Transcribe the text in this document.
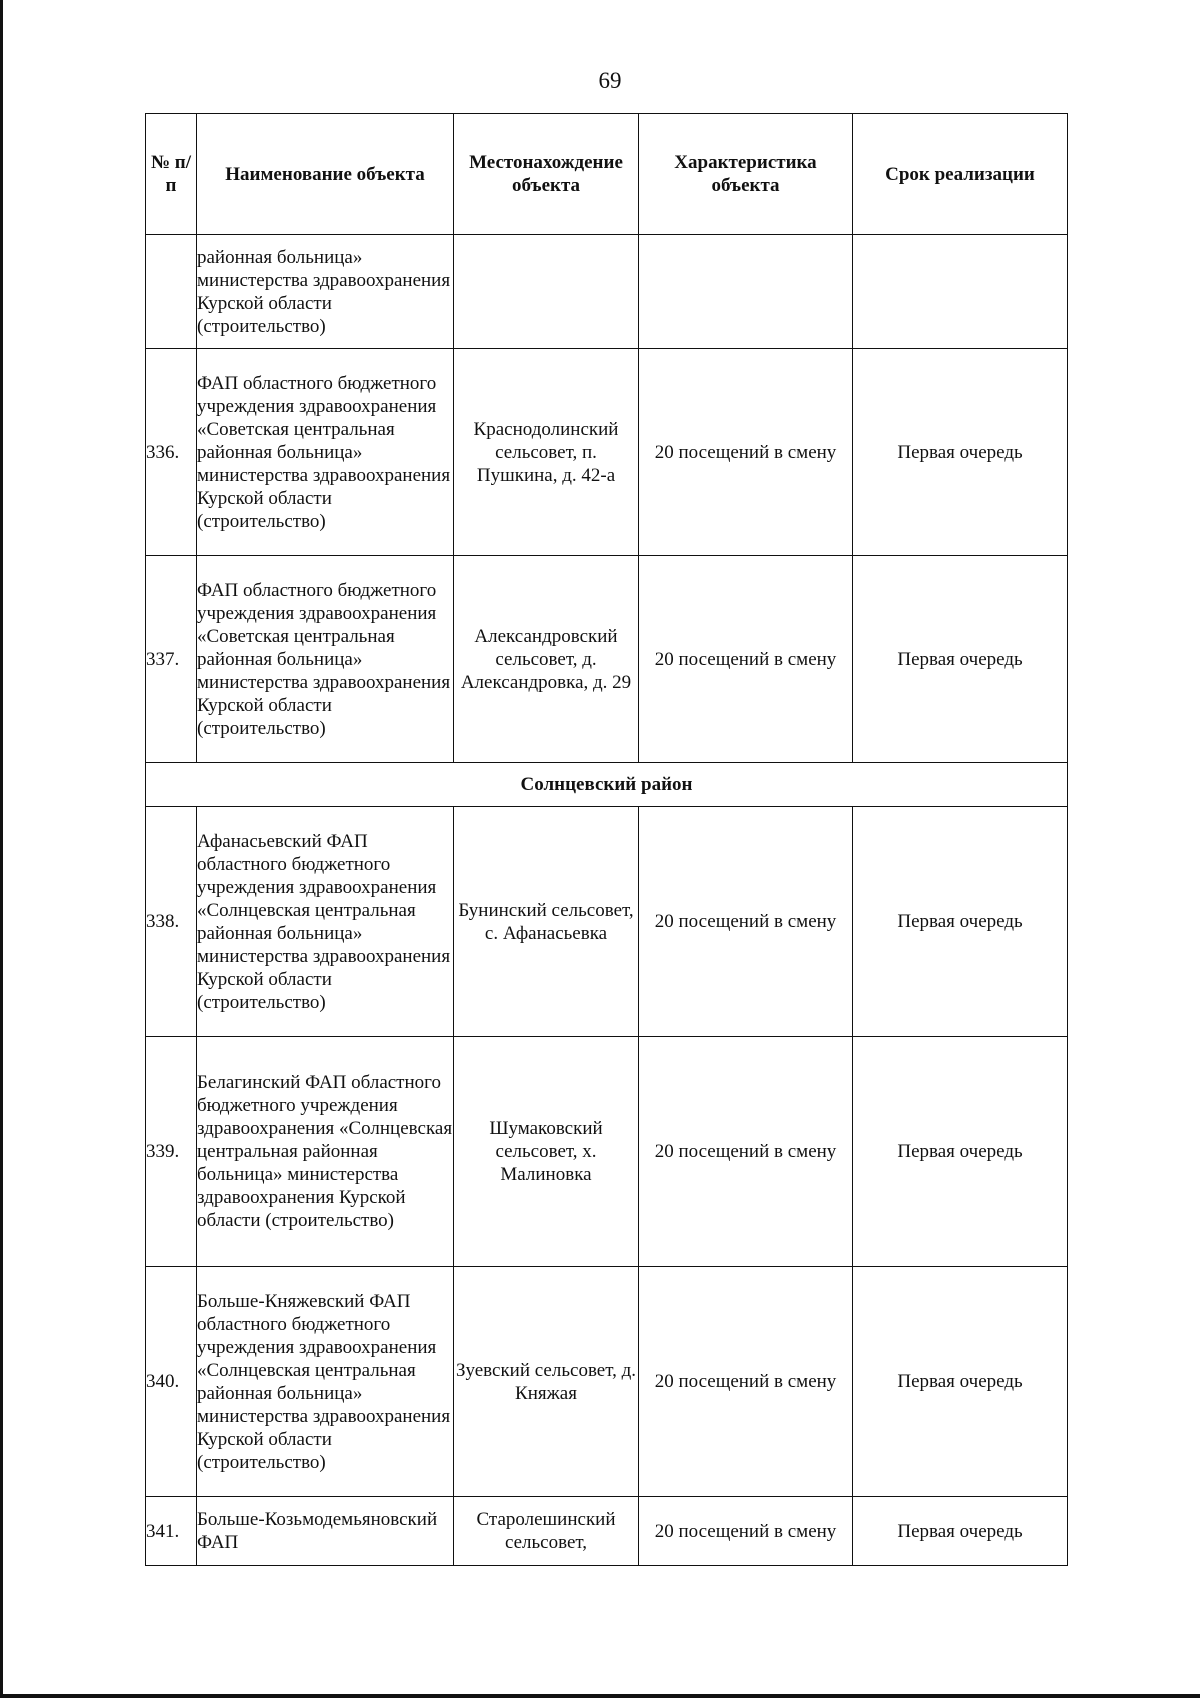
69
№ п/п	Наименование объекта	Местонахождение объекта	Характеристика объекта	Срок реализации
	районная больница» министерства здравоохранения Курской области (строительство)			
336.	ФАП областного бюджетного учреждения здравоохранения «Советская центральная районная больница» министерства здравоохранения Курской области (строительство)	Краснодолинский сельсовет, п. Пушкина, д. 42-а	20 посещений в смену	Первая очередь
337.	ФАП областного бюджетного учреждения здравоохранения «Советская центральная районная больница» министерства здравоохранения Курской области (строительство)	Александровский сельсовет, д. Александровка, д. 29	20 посещений в смену	Первая очередь
Солнцевский район				
338.	Афанасьевский ФАП областного бюджетного учреждения здравоохранения «Солнцевская центральная районная больница» министерства здравоохранения Курской области (строительство)	Бунинский сельсовет, с. Афанасьевка	20 посещений в смену	Первая очередь
339.	Белагинский ФАП областного бюджетного учреждения здравоохранения «Солнцевская центральная районная больница» министерства здравоохранения Курской области (строительство)	Шумаковский сельсовет, х. Малиновка	20 посещений в смену	Первая очередь
340.	Больше-Княжевский ФАП областного бюджетного учреждения здравоохранения «Солнцевская центральная районная больница» министерства здравоохранения Курской области (строительство)	Зуевский сельсовет, д. Княжая	20 посещений в смену	Первая очередь
341.	Больше-Козьмодемьяновский ФАП	Старолешинский сельсовет,	20 посещений в смену	Первая очередь
